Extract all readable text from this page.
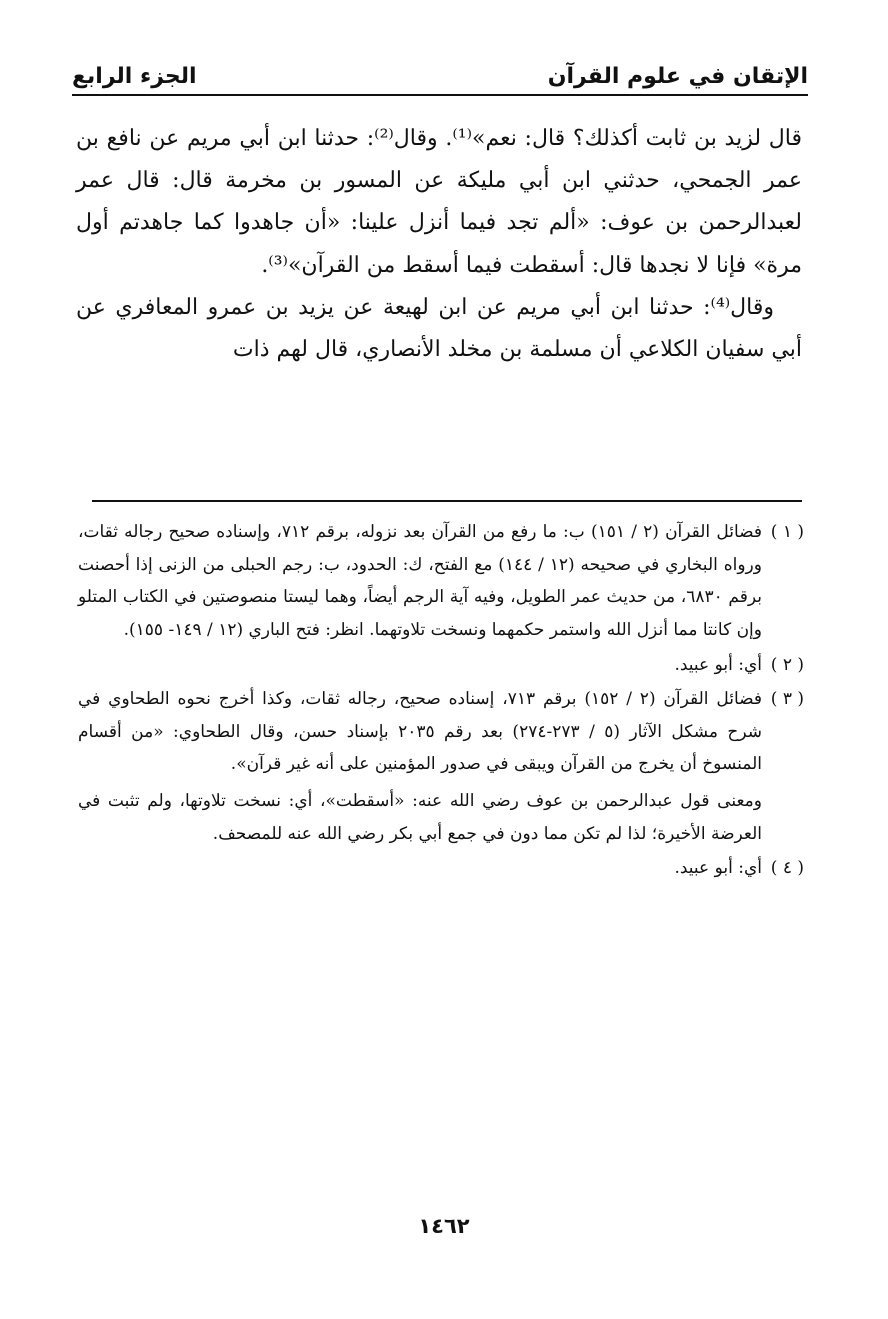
الإتقان في علوم القرآن
الجزء الرابع

قال لزيد بن ثابت أكذلك؟ قال: نعم»⁽¹⁾. وقال⁽²⁾: حدثنا ابن أبي مريم عن نافع بن عمر الجمحي، حدثني ابن أبي مليكة عن المسور بن مخرمة قال: قال عمر لعبدالرحمن بن عوف: «ألم تجد فيما أنزل علينا: «أن جاهدوا كما جاهدتم أول مرة» فإنا لا نجدها قال: أسقطت فيما أسقط من القرآن»⁽³⁾.

وقال⁽⁴⁾: حدثنا ابن أبي مريم عن ابن لهيعة عن يزيد بن عمرو المعافري عن أبي سفيان الكلاعي أن مسلمة بن مخلد الأنصاري، قال لهم ذات

( ١ )
فضائل القرآن (٢ / ١٥١) ب: ما رفع من القرآن بعد نزوله، برقم ٧١٢، وإسناده صحيح رجاله ثقات، ورواه البخاري في صحيحه (١٢ / ١٤٤) مع الفتح، ك: الحدود، ب: رجم الحبلى من الزنى إذا أحصنت برقم ٦٨٣٠، من حديث عمر الطويل، وفيه آية الرجم أيضاً، وهما ليستا منصوصتين في الكتاب المتلو وإن كانتا مما أنزل الله واستمر حكمهما ونسخت تلاوتهما. انظر: فتح الباري (١٢ / ١٤٩- ١٥٥).
( ٢ )
أي: أبو عبيد.
( ٣ )
فضائل القرآن (٢ / ١٥٢) برقم ٧١٣، إسناده صحيح، رجاله ثقات، وكذا أخرج نحوه الطحاوي في شرح مشكل الآثار (٥ / ٢٧٣-٢٧٤) بعد رقم ٢٠٣٥ بإسناد حسن، وقال الطحاوي: «من أقسام المنسوخ أن يخرج من القرآن ويبقى في صدور المؤمنين على أنه غير قرآن».
ومعنى قول عبدالرحمن بن عوف رضي الله عنه: «أسقطت»، أي: نسخت تلاوتها، ولم تثبت في العرضة الأخيرة؛ لذا لم تكن مما دون في جمع أبي بكر رضي الله عنه للمصحف.
( ٤ )
أي: أبو عبيد.
١٤٦٢
